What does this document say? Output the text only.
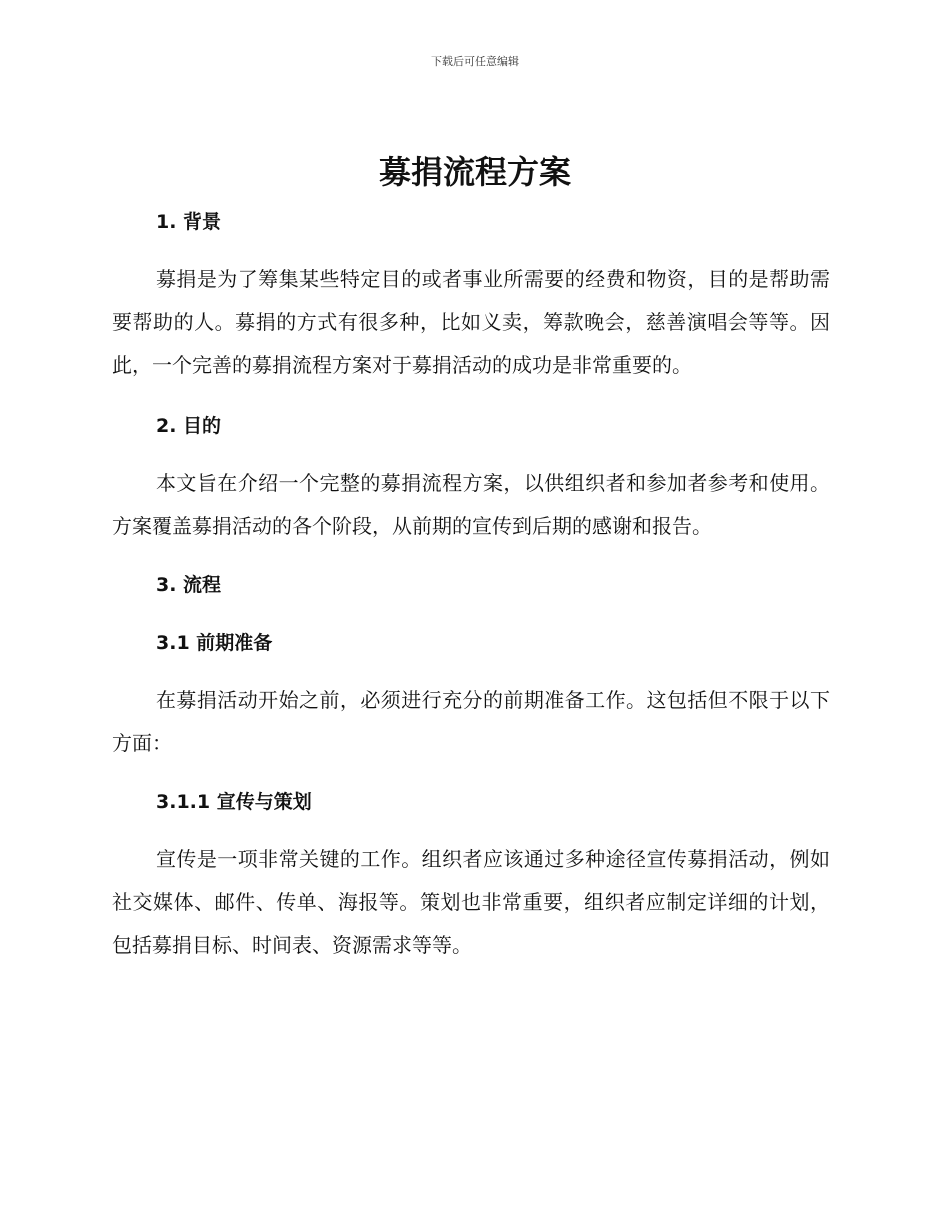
下载后可任意编辑
募捐流程方案
1. 背景

募捐是为了筹集某些特定目的或者事业所需要的经费和物资，目的是帮助需要帮助的人。募捐的方式有很多种，比如义卖，筹款晚会，慈善演唱会等等。因此，一个完善的募捐流程方案对于募捐活动的成功是非常重要的。

2. 目的

本文旨在介绍一个完整的募捐流程方案，以供组织者和参加者参考和使用。方案覆盖募捐活动的各个阶段，从前期的宣传到后期的感谢和报告。

3. 流程
3.1 前期准备

在募捐活动开始之前，必须进行充分的前期准备工作。这包括但不限于以下方面：

3.1.1 宣传与策划

宣传是一项非常关键的工作。组织者应该通过多种途径宣传募捐活动，例如社交媒体、邮件、传单、海报等。策划也非常重要，组织者应制定详细的计划，包括募捐目标、时间表、资源需求等等。
